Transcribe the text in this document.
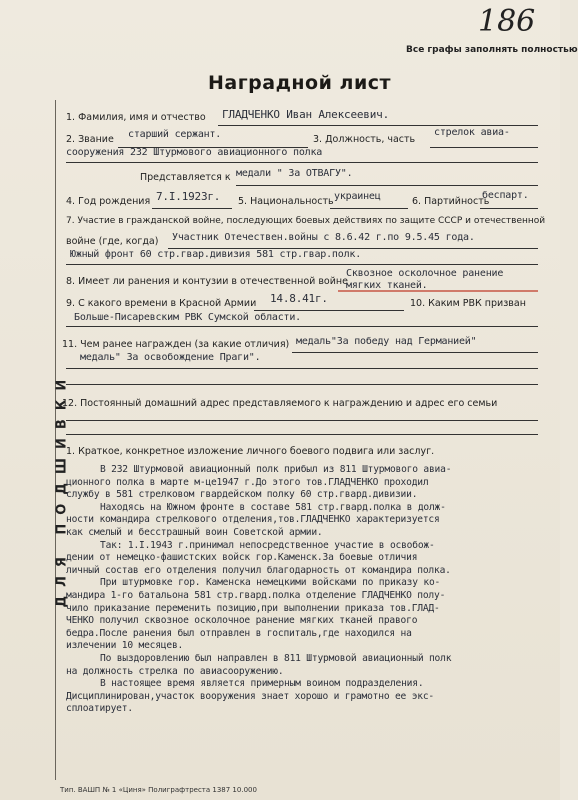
186
Все графы заполнять полностью
Наградной лист
ДЛЯ ПОДШИВКИ
1. Фамилия, имя и отчество ГЛАДЧЕНКО Иван Алексеевич.
2. Звание старший сержант.	3. Должность, часть
стрелок авиа-
сооружения 232 Штурмового авиационного полка
Представляется к медали " За ОТВАГУ".
4. Год рождения 7.I.1923г. 5. Национальность украинец	6. Партийность
беспарт.
7. Участие в гражданской войне, последующих боевых действиях по защите СССР и отечественной
войне (где, когда) Участник Отечествен.войны с 8.6.42 г.по 9.5.45 года.
Южный фронт 60 стр.гвар.дивизия 581 стр.гвар.полк.
8. Имеет ли ранения и контузии в отечественной войне
Сквозное осколочное ранение
мягких тканей.
9. С какого времени в Красной Армии 14.8.41г.	10. Каким РВК призван
Больше-Писаревским РВК Сумской области.
11. Чем ранее награжден (за какие отличия) медаль"За победу над Германией"
медаль" За освобождение Праги".
12. Постоянный домашний адрес представляемого к награждению и адрес его семьи
1. Краткое, конкретное изложение личного боевого подвига или заслуг.
В 232 Штурмовой авиационный полк прибыл из 811 Штурмового авиа-
ционного полка в марте м-це1947 г.До этого тов.ГЛАДЧЕНКО проходил
службу в 581 стрелковом гвардейском полку 60 стр.гвард.дивизии.
Находясь на Южном фронте в составе 581 стр.гвард.полка в долж-
ности командира стрелкового отделения,тов.ГЛАДЧЕНКО характеризуется
как смелый и бесстрашный воин Советской армии.
Так: 1.I.1943 г.принимал непосредственное участие в освобож-
дении от немецко-фашистских войск гор.Каменск.За боевые отличия
личный состав его отделения получил благодарность от командира полка.
При штурмовке гор. Каменска немецкими войсками по приказу ко-
мандира 1-го батальона 581 стр.гвард.полка отделение ГЛАДЧЕНКО полу-
чило приказание переменить позицию,при выполнении приказа тов.ГЛАД-
ЧЕНКО получил сквозное осколочное ранение мягких тканей правого
бедра.После ранения был отправлен в госпиталь,где находился на
излечении 10 месяцев.
По выздоровлению был направлен в 811 Штурмовой авиационный полк
на должность стрелка по авиасооружению.
В настоящее время является примерным воином подразделения.
Дисциплинирован,участок вооружения знает хорошо и грамотно ее экс-
сплоатирует.
Тип. ВАШП № 1 «Циня» Полиграфтреста 1387 10.000
